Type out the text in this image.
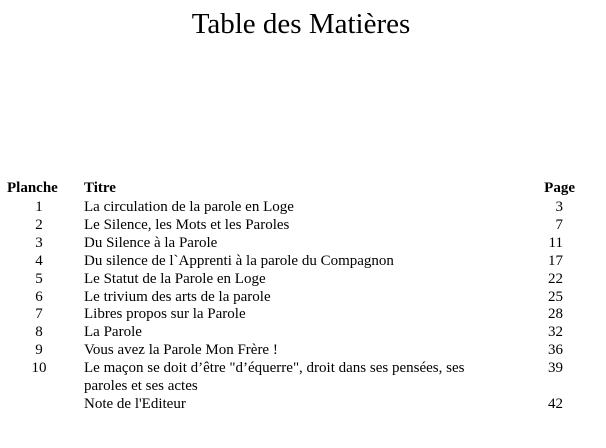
Table des Matières
Planche	Titre	Page
1	La circulation de la parole en Loge	3
2	Le Silence, les Mots et les Paroles	7
3	Du Silence à la Parole	11
4	Du silence de l`Apprenti à la parole du Compagnon	17
5	Le Statut de la Parole en Loge	22
6	Le trivium des arts de la parole	25
7	Libres propos sur la Parole	28
8	La Parole	32
9	Vous avez la Parole Mon Frère !	36
10	Le maçon se doit d’être "d’équerre", droit dans ses pensées, ses paroles et ses actes	39
	Note de l'Editeur	42
